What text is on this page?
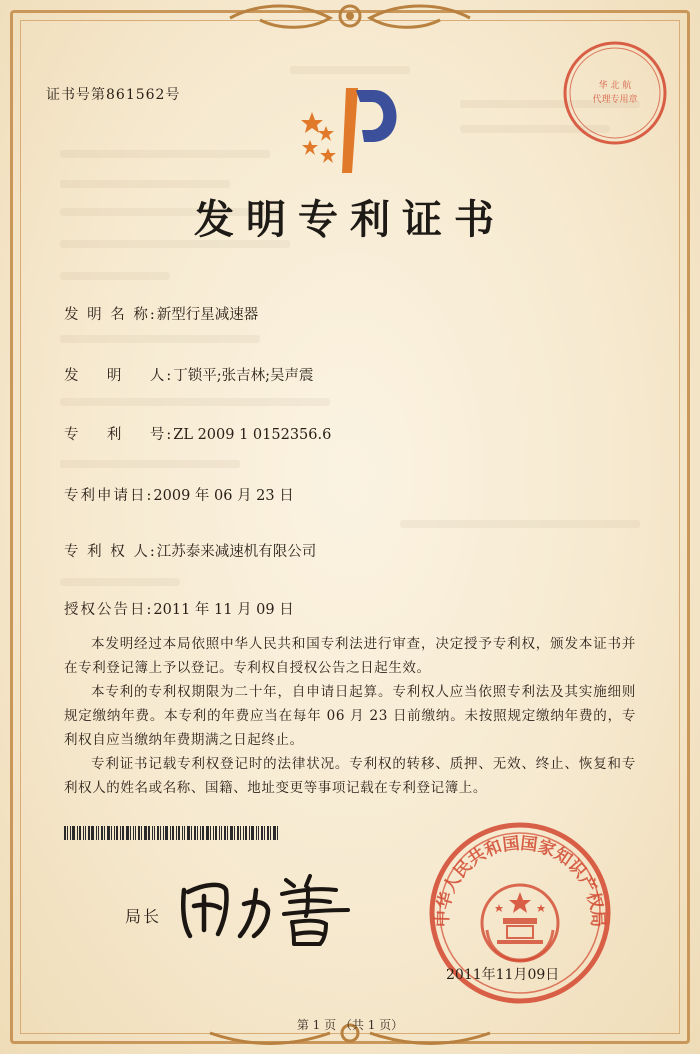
华 北 航
代理专用章
证书号第861562号
发明专利证书
发 明 名 称:新型行星减速器
发    明    人:丁锁平;张吉林;吴声震
专    利    号:ZL 2009 1 0152356.6
专利申请日:2009 年 06 月 23 日
专 利 权 人:江苏泰来减速机有限公司
授权公告日:2011 年 11 月 09 日

本发明经过本局依照中华人民共和国专利法进行审查，决定授予专利权，颁发本证书并在专利登记簿上予以登记。专利权自授权公告之日起生效。

本专利的专利权期限为二十年，自申请日起算。专利权人应当依照专利法及其实施细则规定缴纳年费。本专利的年费应当在每年 06 月 23 日前缴纳。未按照规定缴纳年费的，专利权自应当缴纳年费期满之日起终止。

专利证书记载专利权登记时的法律状况。专利权的转移、质押、无效、终止、恢复和专利权人的姓名或名称、国籍、地址变更等事项记载在专利登记簿上。

局长	中华人民共和国国家知识产权局
2011年11月09日
第 1 页 （共 1 页）
